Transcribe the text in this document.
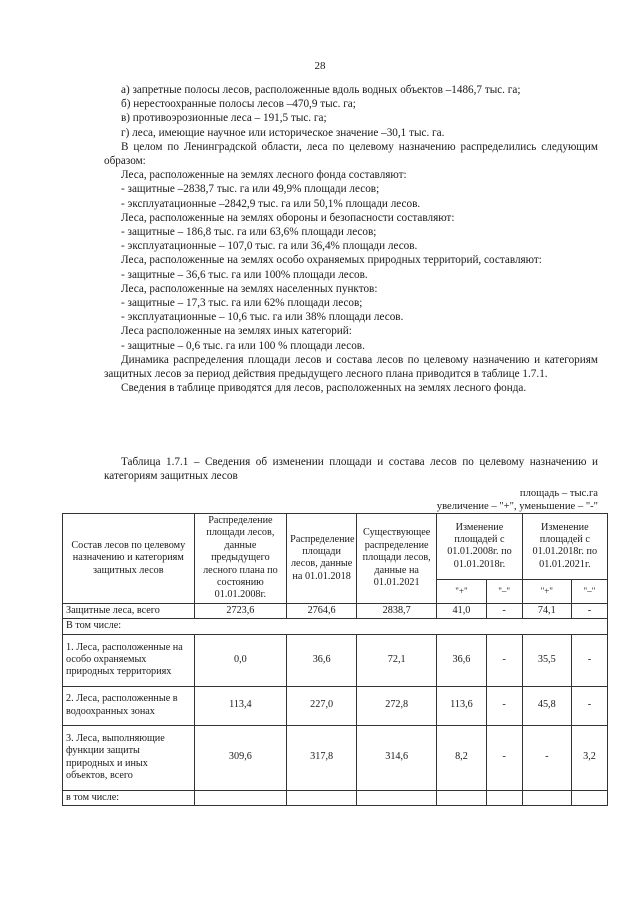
28

а) запретные полосы лесов, расположенные вдоль водных объектов –1486,7 тыс. га;

б) нерестоохранные полосы лесов –470,9 тыс. га;

в) противоэрозионные леса – 191,5 тыс. га;

г) леса, имеющие научное или историческое значение –30,1 тыс. га.

В целом по Ленинградской области, леса по целевому назначению распределились следующим образом:

Леса, расположенные на землях лесного фонда составляют:

- защитные –2838,7 тыс. га или 49,9% площади лесов;

- эксплуатационные –2842,9 тыс. га или 50,1% площади лесов.

Леса, расположенные на землях обороны и безопасности составляют:

- защитные – 186,8 тыс. га или 63,6% площади лесов;

- эксплуатационные – 107,0 тыс. га или 36,4% площади лесов.

Леса, расположенные на землях особо охраняемых природных территорий, составляют:

- защитные – 36,6 тыс. га или 100% площади лесов.

Леса, расположенные на землях населенных пунктов:

- защитные – 17,3 тыс. га или 62% площади лесов;

- эксплуатационные – 10,6 тыс. га или 38% площади лесов.

Леса расположенные на землях иных категорий:

- защитные – 0,6 тыс. га или 100 % площади лесов.

Динамика распределения площади лесов и состава лесов по целевому назначению и категориям защитных лесов за период действия предыдущего лесного плана приводится в таблице 1.7.1.

Сведения в таблице приводятся для лесов, расположенных на землях лесного фонда.

Таблица 1.7.1 – Сведения об изменении площади и состава лесов по целевому назначению и категориям защитных лесов

площадь – тыс.га
увеличение – "+", уменьшение – "-"
Состав лесов по целевому назначению и категориям защитных лесов	Распределение площади лесов, данные предыдущего лесного плана по состоянию 01.01.2008г.	Распределение площади лесов, данные на 01.01.2018	Существующее распределение площади лесов, данные на 01.01.2021	Изменение площадей с 01.01.2008г. по 01.01.2018г.		Изменение площадей с 01.01.2018г. по 01.01.2021г.	
				"+"	"–"	"+"	"–"
Защитные леса, всего	2723,6	2764,6	2838,7	41,0	-	74,1	-
В том числе:							
1. Леса, расположенные на особо охраняемых природных территориях	0,0	36,6	72,1	36,6	-	35,5	-
2. Леса, расположенные в водоохранных зонах	113,4	227,0	272,8	113,6	-	45,8	-
3. Леса, выполняющие функции защиты природных и иных объектов, всего	309,6	317,8	314,6	8,2	-	-	3,2
в том числе:							
